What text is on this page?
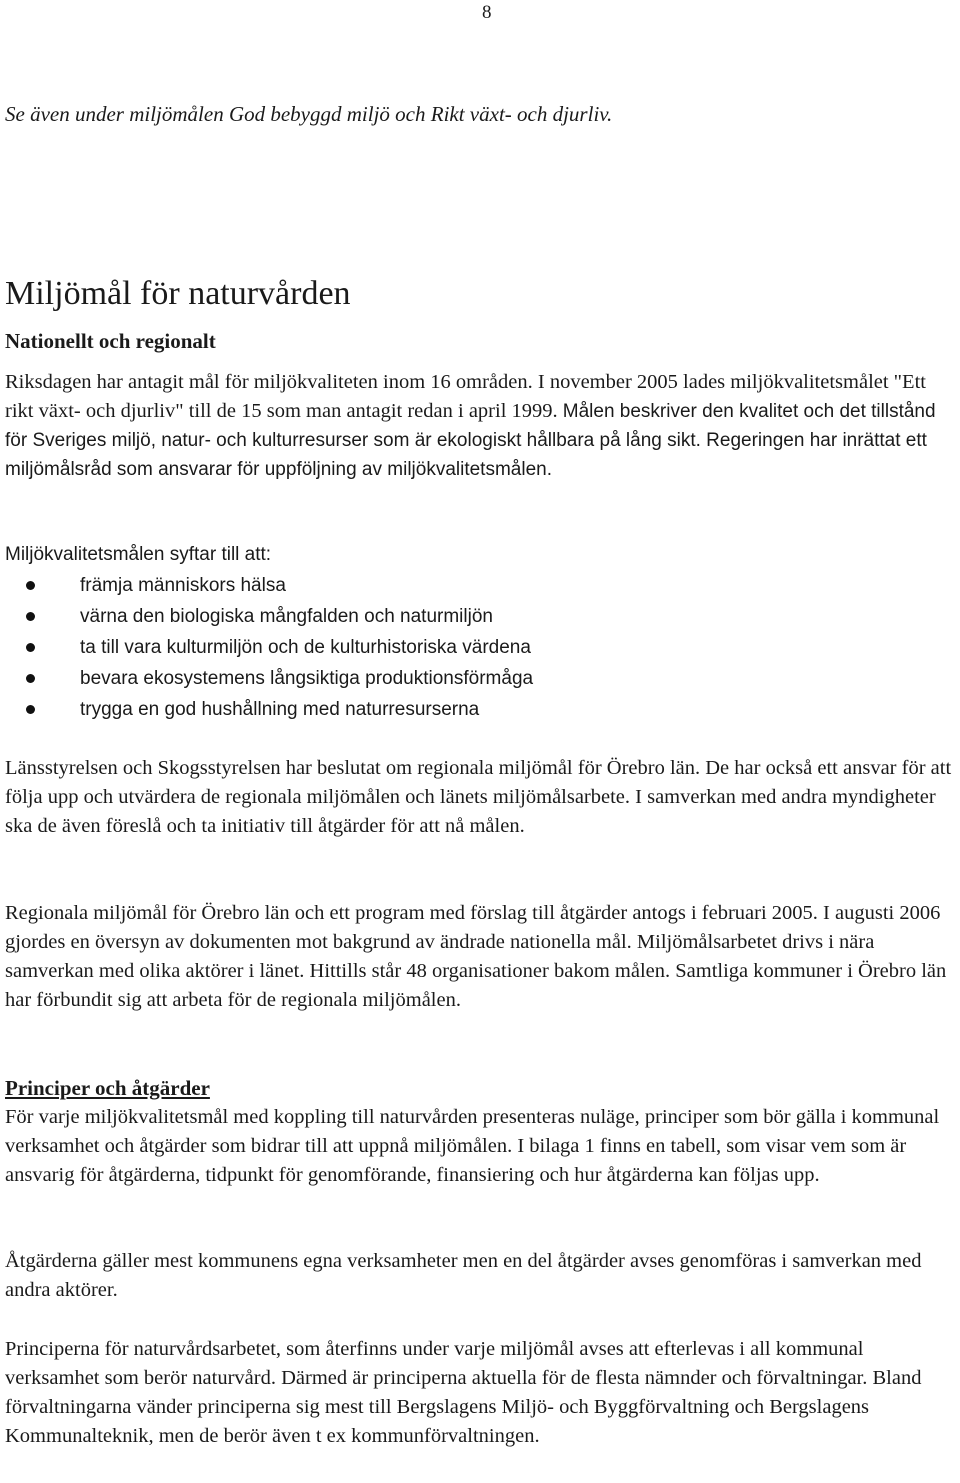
8
Se även under miljömålen God bebyggd miljö och Rikt växt- och djurliv.
Miljömål för naturvården
Nationellt och regionalt

Riksdagen har antagit mål för miljökvaliteten inom 16 områden. I november 2005 lades miljökvalitetsmålet "Ett rikt växt- och djurliv" till de 15 som man antagit redan i april 1999. Målen beskriver den kvalitet och det tillstånd för Sveriges miljö, natur- och kulturresurser som är ekologiskt hållbara på lång sikt. Regeringen har inrättat ett miljömålsråd som ansvarar för uppföljning av miljökvalitetsmålen.

Miljökvalitetsmålen syftar till att:

främja människors hälsa
värna den biologiska mångfalden och naturmiljön
ta till vara kulturmiljön och de kulturhistoriska värdena
bevara ekosystemens långsiktiga produktionsförmåga
trygga en god hushållning med naturresurserna

Länsstyrelsen och Skogsstyrelsen har beslutat om regionala miljömål för Örebro län. De har också ett ansvar för att följa upp och utvärdera de regionala miljömålen och länets miljömålsarbete. I samverkan med andra myndigheter ska de även föreslå och ta initiativ till åtgärder för att nå målen.

Regionala miljömål för Örebro län och ett program med förslag till åtgärder antogs i februari 2005. I augusti 2006 gjordes en översyn av dokumenten mot bakgrund av ändrade nationella mål. Miljömålsarbetet drivs i nära samverkan med olika aktörer i länet. Hittills står 48 organisationer bakom målen. Samtliga kommuner i Örebro län har förbundit sig att arbeta för de regionala miljömålen.

Principer och åtgärder

För varje miljökvalitetsmål med koppling till naturvården presenteras nuläge, principer som bör gälla i kommunal verksamhet och åtgärder som bidrar till att uppnå miljömålen. I bilaga 1 finns en tabell, som visar vem som är ansvarig för åtgärderna, tidpunkt för genomförande, finansiering och hur åtgärderna kan följas upp.

Åtgärderna gäller mest kommunens egna verksamheter men en del åtgärder avses genomföras i samverkan med andra aktörer.

Principerna för naturvårdsarbetet, som återfinns under varje miljömål avses att efterlevas i all kommunal verksamhet som berör naturvård. Därmed är principerna aktuella för de flesta nämnder och förvaltningar. Bland förvaltningarna vänder principerna sig mest till Bergslagens Miljö- och Byggförvaltning och Bergslagens Kommunalteknik, men de berör även t ex kommunförvaltningen.
